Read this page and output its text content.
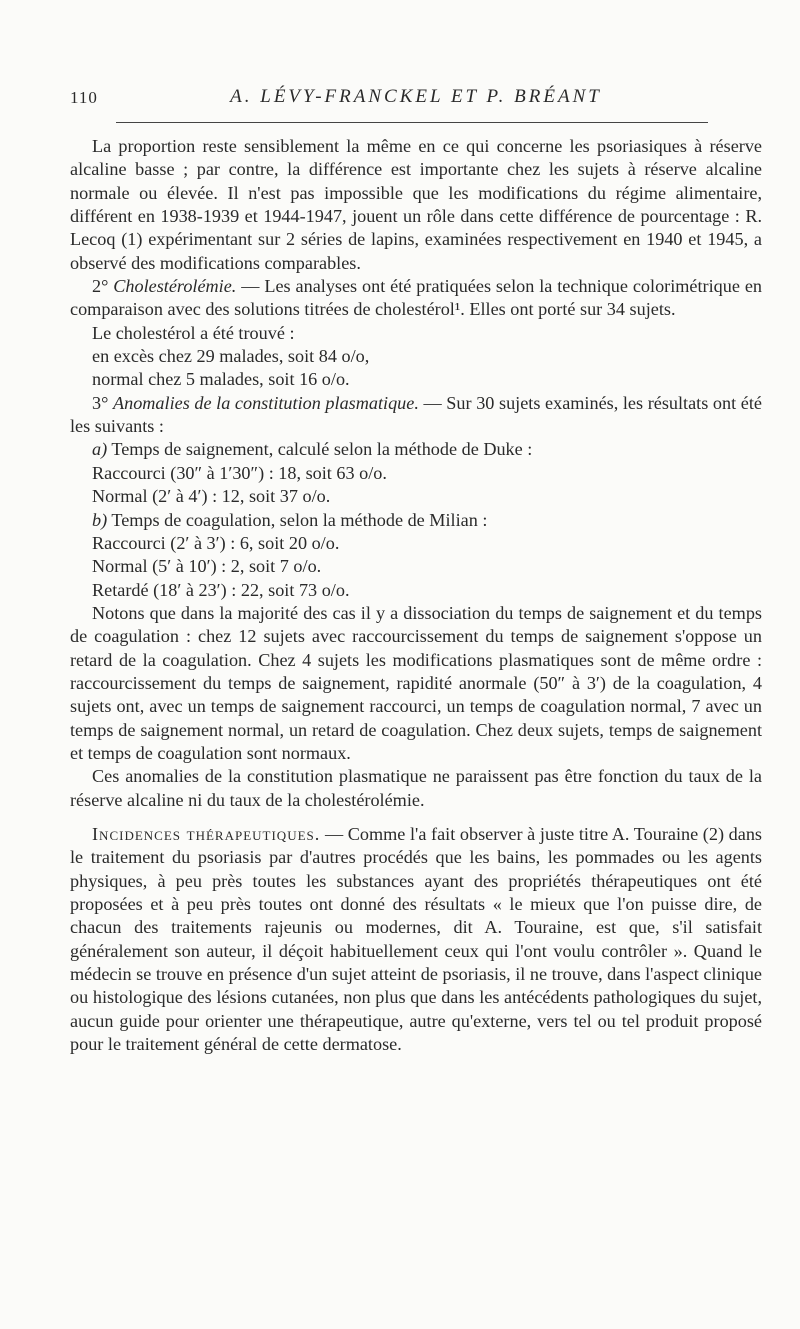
110	A. LÉVY-FRANCKEL ET P. BRÉANT

La proportion reste sensiblement la même en ce qui concerne les psoriasiques à réserve alcaline basse ; par contre, la différence est importante chez les sujets à réserve alcaline normale ou élevée. Il n'est pas impossible que les modifications du régime alimentaire, différent en 1938-1939 et 1944-1947, jouent un rôle dans cette différence de pourcentage : R. Lecoq (1) expérimentant sur 2 séries de lapins, examinées respectivement en 1940 et 1945, a observé des modifications comparables.

2° Cholestérolémie. — Les analyses ont été pratiquées selon la technique colorimétrique en comparaison avec des solutions titrées de cholestérol¹. Elles ont porté sur 34 sujets.

Le cholestérol a été trouvé :

en excès chez 29 malades, soit 84 o/o,

normal chez 5 malades, soit 16 o/o.

3° Anomalies de la constitution plasmatique. — Sur 30 sujets examinés, les résultats ont été les suivants :

a) Temps de saignement, calculé selon la méthode de Duke :

Raccourci (30″ à 1′30″) : 18, soit 63 o/o.

Normal (2′ à 4′) : 12, soit 37 o/o.

b) Temps de coagulation, selon la méthode de Milian :

Raccourci (2′ à 3′) : 6, soit 20 o/o.

Normal (5′ à 10′) : 2, soit 7 o/o.

Retardé (18′ à 23′) : 22, soit 73 o/o.

Notons que dans la majorité des cas il y a dissociation du temps de saignement et du temps de coagulation : chez 12 sujets avec raccourcissement du temps de saignement s'oppose un retard de la coagulation. Chez 4 sujets les modifications plasmatiques sont de même ordre : raccourcissement du temps de saignement, rapidité anormale (50″ à 3′) de la coagulation, 4 sujets ont, avec un temps de saignement raccourci, un temps de coagulation normal, 7 avec un temps de saignement normal, un retard de coagulation. Chez deux sujets, temps de saignement et temps de coagulation sont normaux.

Ces anomalies de la constitution plasmatique ne paraissent pas être fonction du taux de la réserve alcaline ni du taux de la cholestérolémie.

Incidences thérapeutiques. — Comme l'a fait observer à juste titre A. Touraine (2) dans le traitement du psoriasis par d'autres procédés que les bains, les pommades ou les agents physiques, à peu près toutes les substances ayant des propriétés thérapeutiques ont été proposées et à peu près toutes ont donné des résultats « le mieux que l'on puisse dire, de chacun des traitements rajeunis ou modernes, dit A. Touraine, est que, s'il satisfait généralement son auteur, il déçoit habituellement ceux qui l'ont voulu contrôler ». Quand le médecin se trouve en présence d'un sujet atteint de psoriasis, il ne trouve, dans l'aspect clinique ou histologique des lésions cutanées, non plus que dans les antécédents pathologiques du sujet, aucun guide pour orienter une thérapeutique, autre qu'externe, vers tel ou tel produit proposé pour le traitement général de cette dermatose.
